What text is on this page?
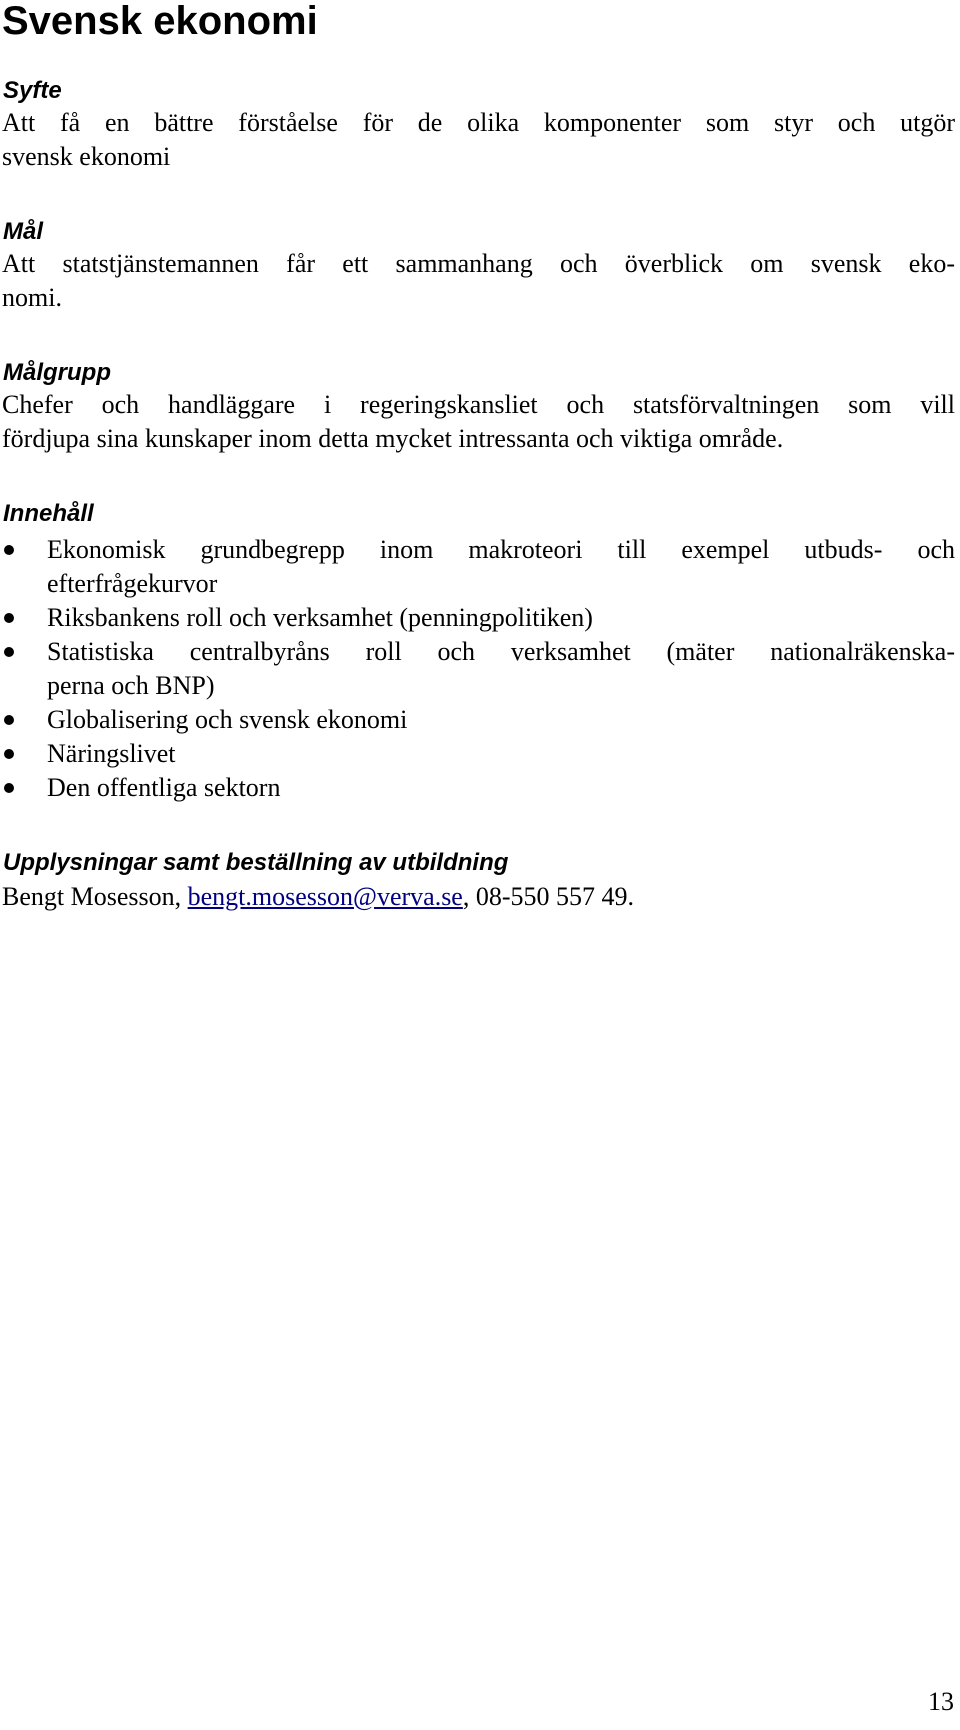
Svensk ekonomi
Syfte
Att få en bättre förståelse för de olika komponenter som styr och utgör
svensk ekonomi
Mål
Att statstjänstemannen får ett sammanhang och överblick om svensk eko-
nomi.
Målgrupp
Chefer och handläggare i regeringskansliet och statsförvaltningen som vill
fördjupa sina kunskaper inom detta mycket intressanta och viktiga område.
Innehåll
Ekonomisk grundbegrepp inom makroteori till exempel utbuds- och
efterfrågekurvor
Riksbankens roll och verksamhet (penningpolitiken)
Statistiska centralbyråns roll och verksamhet (mäter nationalräkenska-
perna och BNP)
Globalisering och svensk ekonomi
Näringslivet
Den offentliga sektorn
Upplysningar samt beställning av utbildning
Bengt Mosesson, bengt.mosesson@verva.se, 08-550 557 49.
13
